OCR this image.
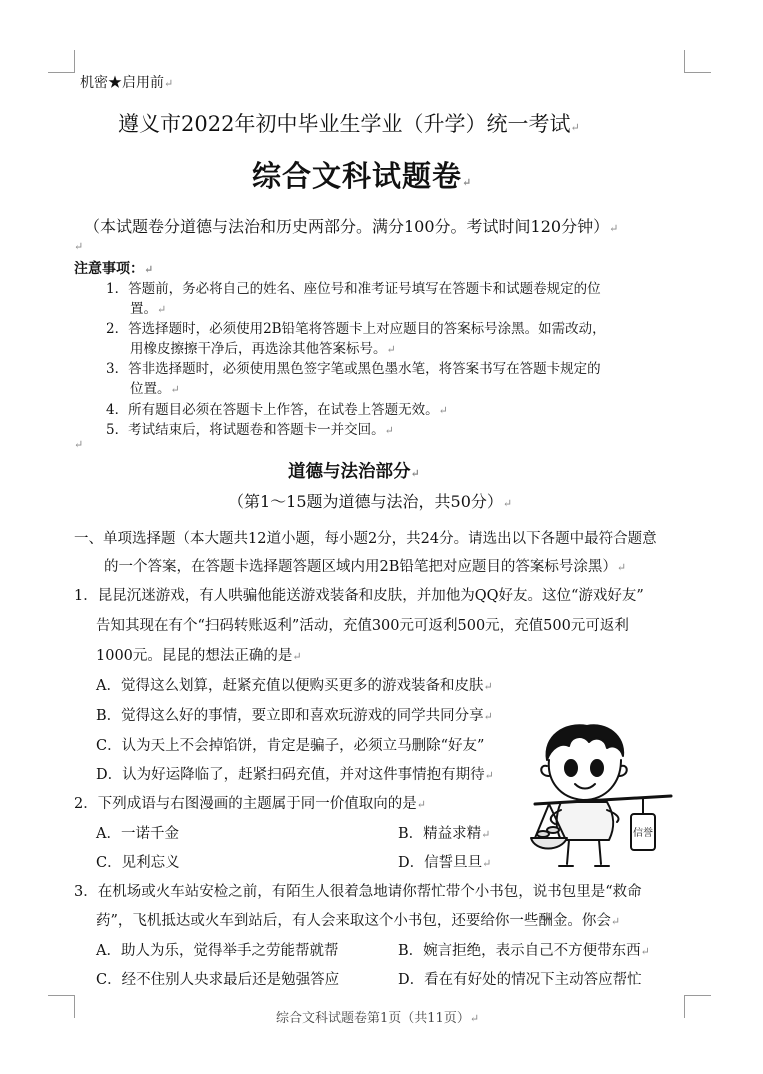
机密★启用前↵
遵义市2022年初中毕业生学业（升学）统一考试↵
综合文科试题卷↵
（本试题卷分道德与法治和历史两部分。满分100分。考试时间120分钟）↵
↵
注意事项：↵
1．答题前，务必将自己的姓名、座位号和准考证号填写在答题卡和试题卷规定的位
置。↵
2．答选择题时，必须使用2B铅笔将答题卡上对应题目的答案标号涂黑。如需改动，
用橡皮擦擦干净后，再选涂其他答案标号。↵
3．答非选择题时，必须使用黑色签字笔或黑色墨水笔，将答案书写在答题卡规定的
位置。↵
4．所有题目必须在答题卡上作答，在试卷上答题无效。↵
5．考试结束后，将试题卷和答题卡一并交回。↵
↵
道德与法治部分↵
（第1～15题为道德与法治，共50分）↵
一、单项选择题（本大题共12道小题，每小题2分，共24分。请选出以下各题中最符合题意
的一个答案，在答题卡选择题答题区域内用2B铅笔把对应题目的答案标号涂黑）↵
1．昆昆沉迷游戏，有人哄骗他能送游戏装备和皮肤，并加他为QQ好友。这位“游戏好友”
告知其现在有个“扫码转账返利”活动，充值300元可返利500元，充值500元可返利
1000元。昆昆的想法正确的是↵
A．觉得这么划算，赶紧充值以便购买更多的游戏装备和皮肤↵
B．觉得这么好的事情，要立即和喜欢玩游戏的同学共同分享↵
C．认为天上不会掉馅饼，肯定是骗子，必须立马删除“好友”
D．认为好运降临了，赶紧扫码充值，并对这件事情抱有期待↵
2．下列成语与右图漫画的主题属于同一价值取向的是↵
A．一诺千金	B．精益求精↵
C．见利忘义	D．信誓旦旦↵
信誉
3．在机场或火车站安检之前，有陌生人很着急地请你帮忙带个小书包，说书包里是“救命
药”，飞机抵达或火车到站后，有人会来取这个小书包，还要给你一些酬金。你会↵
A．助人为乐，觉得举手之劳能帮就帮	B．婉言拒绝，表示自己不方便带东西↵
C．经不住别人央求最后还是勉强答应	D．看在有好处的情况下主动答应帮忙
综合文科试题卷第1页（共11页）↵
